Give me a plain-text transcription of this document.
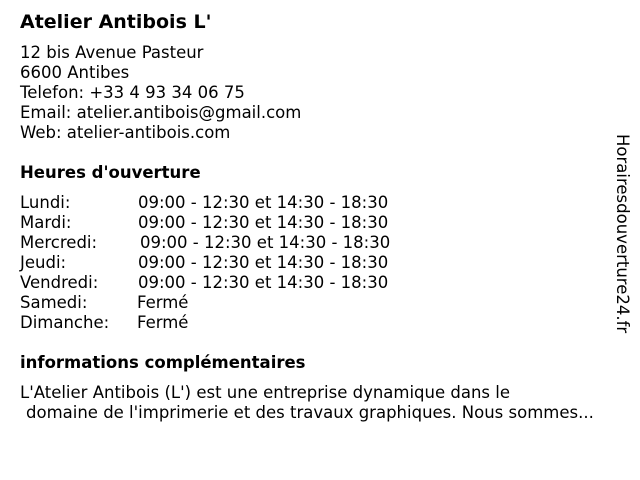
Atelier Antibois L'
12 bis Avenue Pasteur
6600 Antibes
Telefon: +33 4 93 34 06 75
Email: atelier.antibois@gmail.com
Web: atelier-antibois.com
Heures d'ouverture
Lundi:	09:00 - 12:30 et 14:30 - 18:30
Mardi:	09:00 - 12:30 et 14:30 - 18:30
Mercredi:	09:00 - 12:30 et 14:30 - 18:30
Jeudi:	09:00 - 12:30 et 14:30 - 18:30
Vendredi: 09:00 - 12:30 et 14:30 - 18:30
Samedi:	Fermé
Dimanche: Fermé
informations complémentaires
L'Atelier Antibois (L') est une entreprise dynamique dans le
domaine de l'imprimerie et des travaux graphiques. Nous sommes...
Horairesdouverture24.fr
